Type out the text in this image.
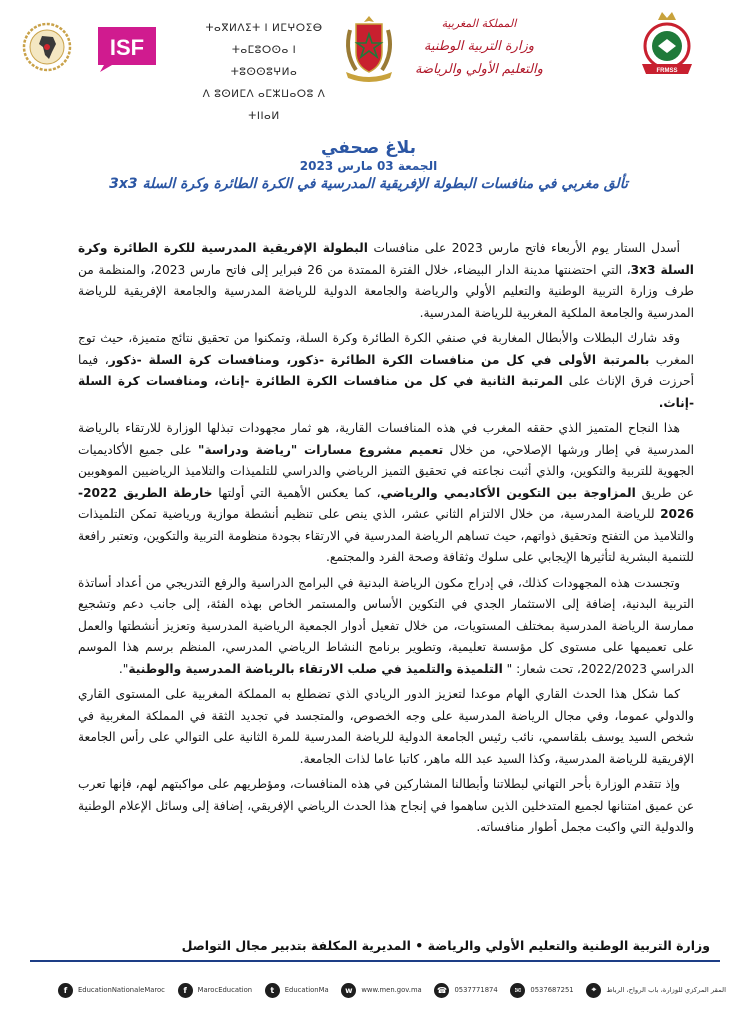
ISF
ⵜⴰⴳⵍⴷⵉⵜ ⵏ ⵍⵎⵖⵔⵉⴱ
ⵜⴰⵎⵓⵔⵙⴰ ⵏ ⵜⵓⵙⵙⵓⵖⵍⴰ
ⴷ ⵓⵙⵍⵎⴷ ⴰⵎⵣⵡⴰⵔⵓ ⴷ ⵜⵏⵏⴰⵍ
المملكة المغربية
وزارة التربية الوطنية
والتعليم الأولي والرياضة	FRMSS
بلاغ صحفي
الجمعة 03 مارس 2023
تألق مغربي في منافسات البطولة الإفريقية المدرسية في الكرة الطائرة وكرة السلة 3x3

أسدل الستار يوم الأربعاء فاتح مارس 2023 على منافسات البطولة الإفريقية المدرسية للكرة الطائرة وكرة السلة 3x3، التي احتضنتها مدينة الدار البيضاء، خلال الفترة الممتدة من 26 فبراير إلى فاتح مارس 2023، والمنظمة من طرف وزارة التربية الوطنية والتعليم الأولي والرياضة والجامعة الدولية للرياضة المدرسية والجامعة الإفريقية للرياضة المدرسية والجامعة الملكية المغربية للرياضة المدرسية.

وقد شارك البطلات والأبطال المغاربة في صنفي الكرة الطائرة وكرة السلة، وتمكنوا من تحقيق نتائج متميزة، حيث توج المغرب بالمرتبة الأولى في كل من منافسات الكرة الطائرة -ذكور، ومنافسات كرة السلة -ذكور، فيما أحرزت فرق الإناث على المرتبة الثانية في كل من منافسات الكرة الطائرة -إناث، ومنافسات كرة السلة -إناث.

هذا النجاح المتميز الذي حققه المغرب في هذه المنافسات القارية، هو ثمار مجهودات تبذلها الوزارة للارتقاء بالرياضة المدرسية في إطار ورشها الإصلاحي، من خلال تعميم مشروع مسارات "رياضة ودراسة" على جميع الأكاديميات الجهوية للتربية والتكوين، والذي أثبت نجاعته في تحقيق التميز الرياضي والدراسي للتلميذات والتلاميذ الرياضيين الموهوبين عن طريق المزاوجة بين التكوين الأكاديمي والرياضي، كما يعكس الأهمية التي أولتها خارطة الطريق 2022-2026 للرياضة المدرسية، من خلال الالتزام الثاني عشر، الذي ينص على تنظيم أنشطة موازية ورياضية تمكن التلميذات والتلاميذ من التفتح وتحقيق ذواتهم، حيث تساهم الرياضة المدرسية في الارتقاء بجودة منظومة التربية والتكوين، وتعتبر رافعة للتنمية البشرية لتأثيرها الإيجابي على سلوك وثقافة وصحة الفرد والمجتمع.

وتجسدت هذه المجهودات كذلك، في إدراج مكون الرياضة البدنية في البرامج الدراسية والرفع التدريجي من أعداد أساتذة التربية البدنية، إضافة إلى الاستثمار الجدي في التكوين الأساس والمستمر الخاص بهذه الفئة، إلى جانب دعم وتشجيع ممارسة الرياضة المدرسية بمختلف المستويات، من خلال تفعيل أدوار الجمعية الرياضية المدرسية وتعزيز أنشطتها والعمل على تعميمها على مستوى كل مؤسسة تعليمية، وتطوير برنامج النشاط الرياضي المدرسي، المنظم برسم هذا الموسم الدراسي 2022/2023، تحت شعار: " التلميذة والتلميذ في صلب الارتقاء بالرياضة المدرسية والوطنية".

كما شكل هذا الحدث القاري الهام موعدا لتعزيز الدور الريادي الذي تضطلع به المملكة المغربية على المستوى القاري والدولي عموما، وفي مجال الرياضة المدرسية على وجه الخصوص، والمتجسد في تجديد الثقة في المملكة المغربية في شخص السيد يوسف بلقاسمي، نائب رئيس الجامعة الدولية للرياضة المدرسية للمرة الثانية على التوالي على رأس الجامعة الإفريقية للرياضة المدرسية، وكذا السيد عبد الله ماهر، كاتبا عاما لذات الجامعة.

وإذ تتقدم الوزارة بأحر التهاني لبطلاتنا وأبطالنا المشاركين في هذه المنافسات، ومؤطريهم على مواكبتهم لهم، فإنها تعرب عن عميق امتنانها لجميع المتدخلين الذين ساهموا في إنجاح هذا الحدث الرياضي الإفريقي، إضافة إلى وسائل الإعلام الوطنية والدولية التي واكبت مجمل أطوار منافساته.

وزارة التربية الوطنية والتعليم الأولي والرياضة • المديرية المكلفة بتدبير مجال التواصل
f	EducationNationaleMaroc	f	MarocEducation	t	EducationMa	w	www.men.gov.ma	☎	0537771874	✉	0537687251	⌖	المقر المركزي للوزارة، باب الرواح، الرباط
